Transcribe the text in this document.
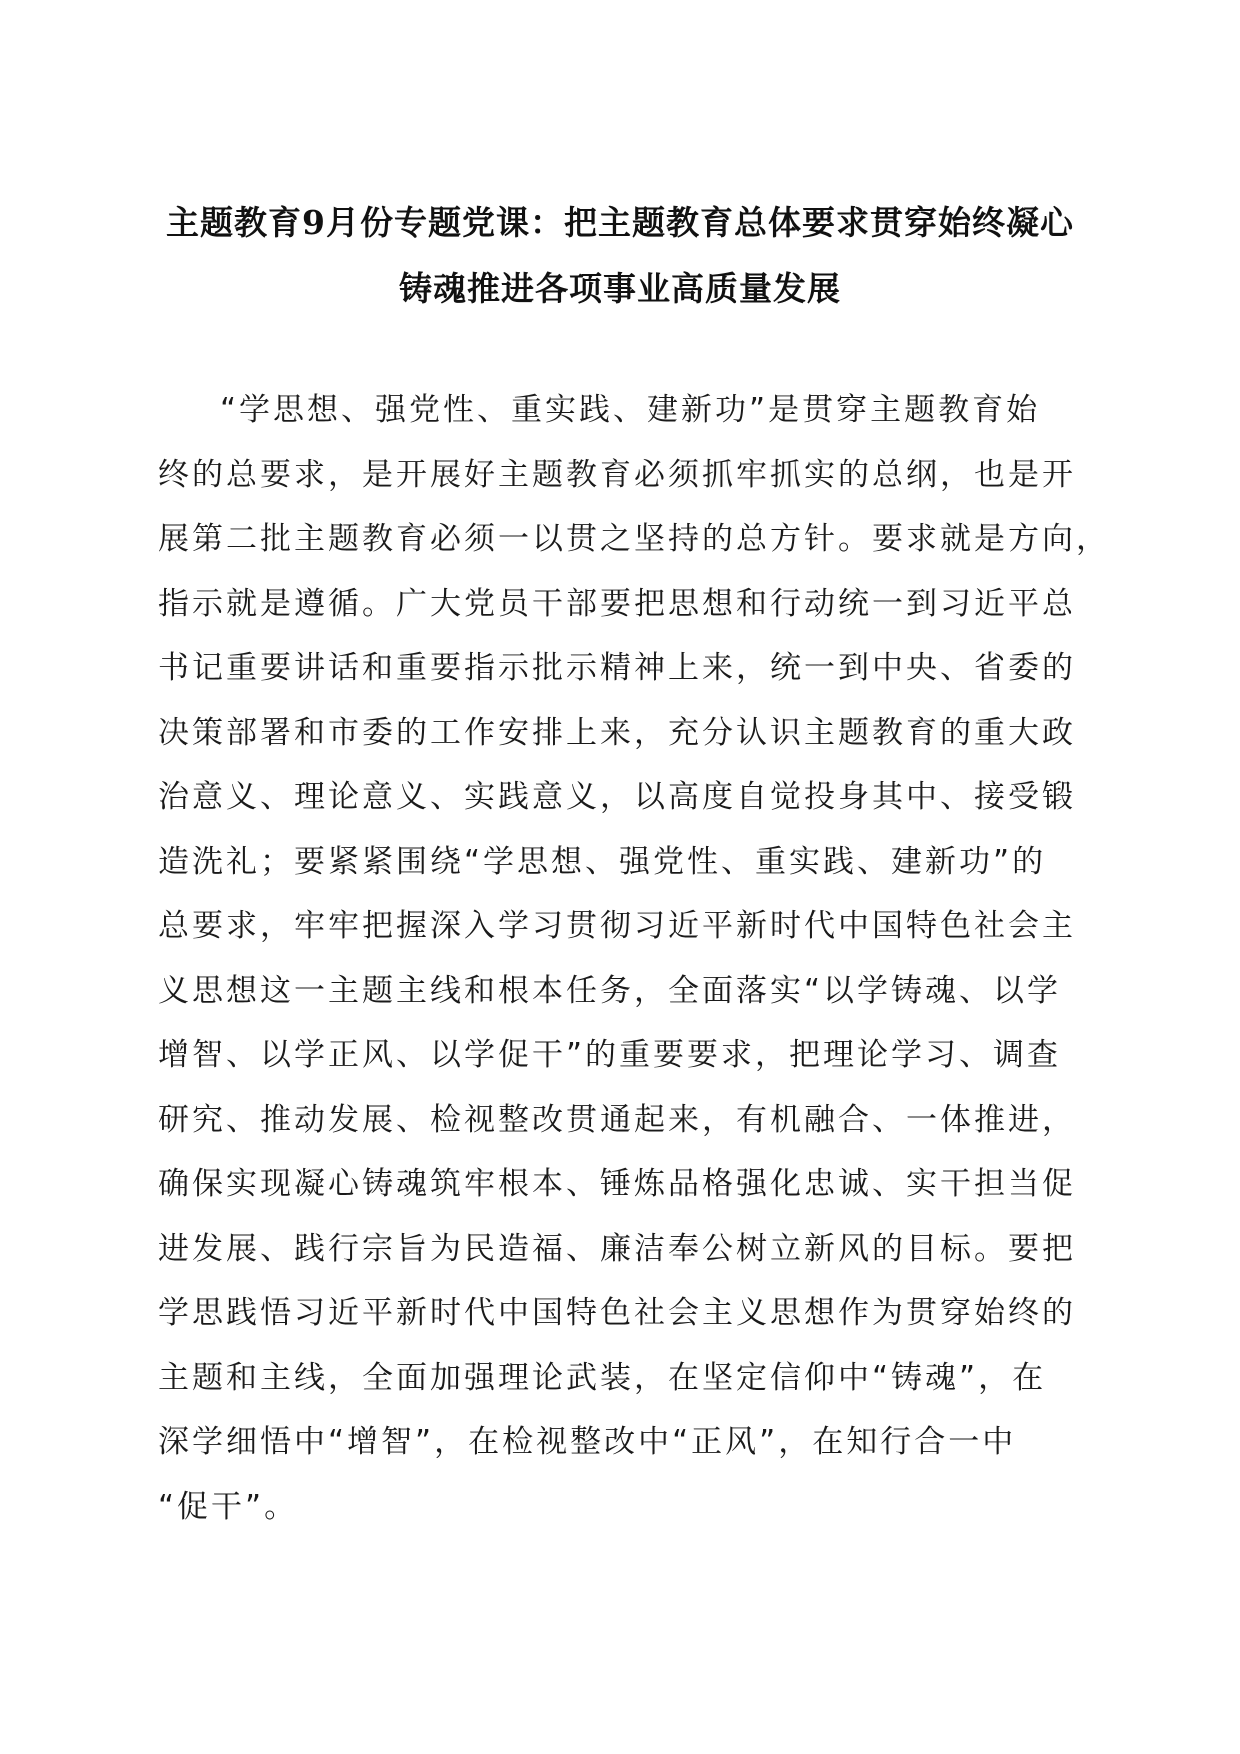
主题教育9月份专题党课：把主题教育总体要求贯穿始终凝心
铸魂推进各项事业高质量发展
“学思想、强党性、重实践、建新功”是贯穿主题教育始
终的总要求，是开展好主题教育必须抓牢抓实的总纲，也是开
展第二批主题教育必须一以贯之坚持的总方针。要求就是方向，
指示就是遵循。广大党员干部要把思想和行动统一到习近平总
书记重要讲话和重要指示批示精神上来，统一到中央、省委的
决策部署和市委的工作安排上来，充分认识主题教育的重大政
治意义、理论意义、实践意义，以高度自觉投身其中、接受锻
造洗礼；要紧紧围绕“学思想、强党性、重实践、建新功”的
总要求，牢牢把握深入学习贯彻习近平新时代中国特色社会主
义思想这一主题主线和根本任务，全面落实“以学铸魂、以学
增智、以学正风、以学促干”的重要要求，把理论学习、调查
研究、推动发展、检视整改贯通起来，有机融合、一体推进，
确保实现凝心铸魂筑牢根本、锤炼品格强化忠诚、实干担当促
进发展、践行宗旨为民造福、廉洁奉公树立新风的目标。要把
学思践悟习近平新时代中国特色社会主义思想作为贯穿始终的
主题和主线，全面加强理论武装，在坚定信仰中“铸魂”，在
深学细悟中“增智”，在检视整改中“正风”，在知行合一中
“促干”。
